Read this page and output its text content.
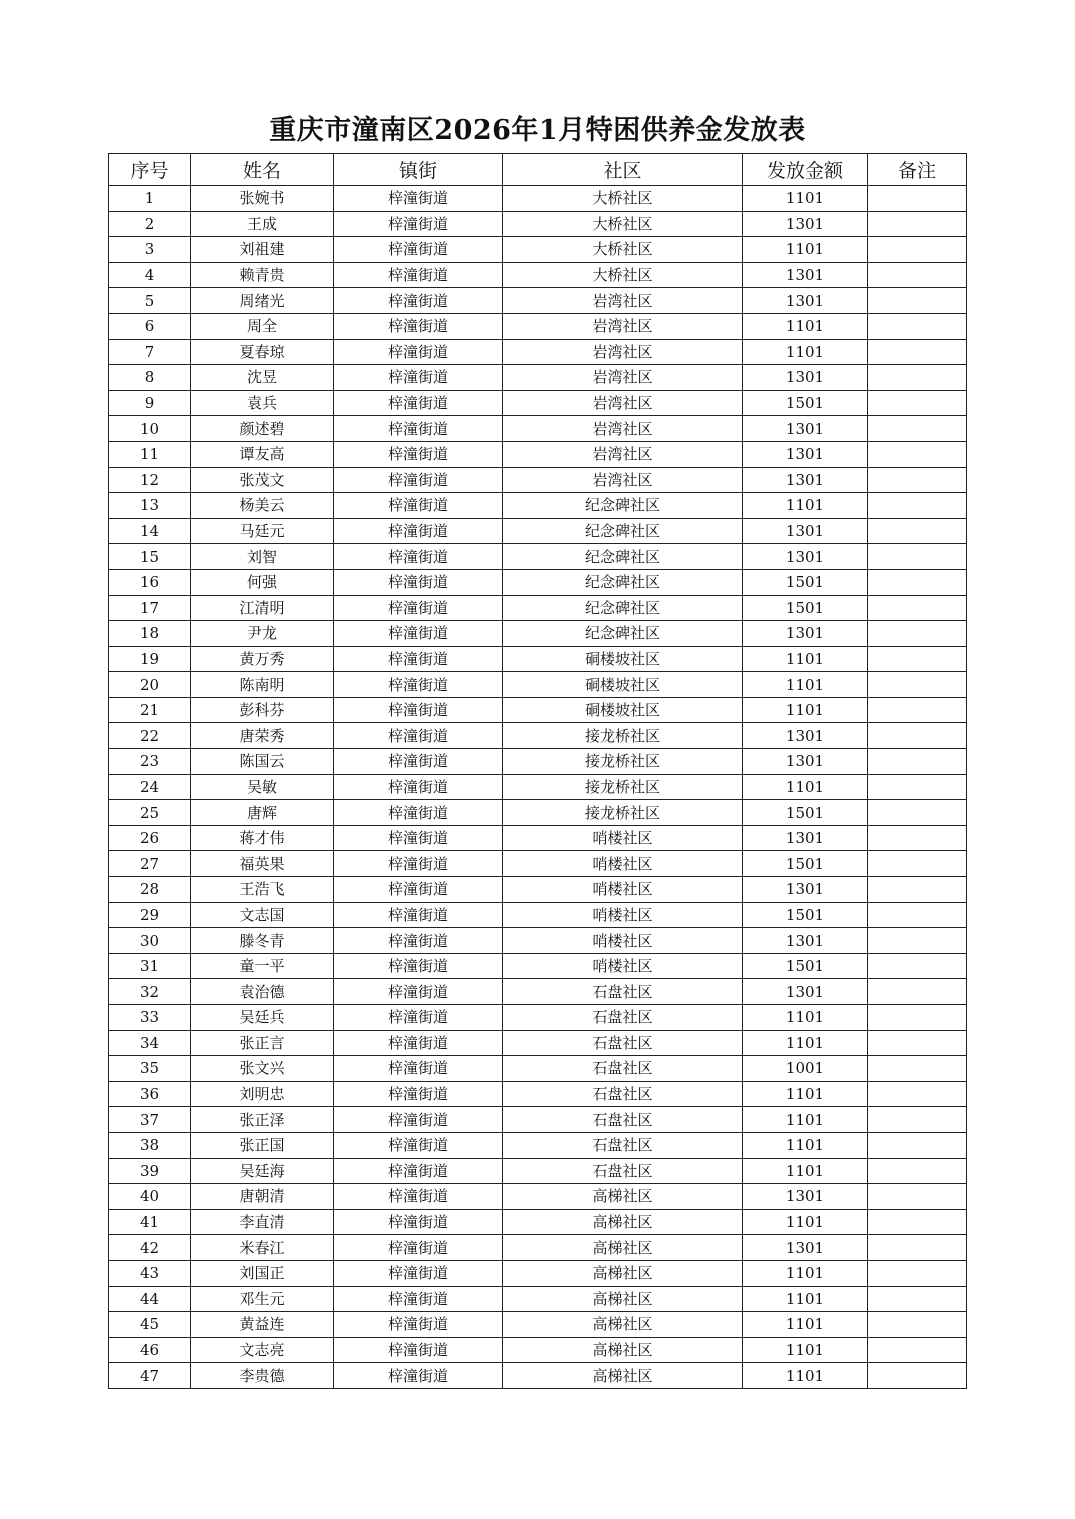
重庆市潼南区2026年1月特困供养金发放表
序号	姓名	镇街	社区	发放金额	备注
1	张婉书	梓潼街道	大桥社区	1101	
2	王成	梓潼街道	大桥社区	1301	
3	刘祖建	梓潼街道	大桥社区	1101	
4	赖青贵	梓潼街道	大桥社区	1301	
5	周绪光	梓潼街道	岩湾社区	1301	
6	周全	梓潼街道	岩湾社区	1101	
7	夏春琼	梓潼街道	岩湾社区	1101	
8	沈昱	梓潼街道	岩湾社区	1301	
9	袁兵	梓潼街道	岩湾社区	1501	
10	颜述碧	梓潼街道	岩湾社区	1301	
11	谭友高	梓潼街道	岩湾社区	1301	
12	张茂文	梓潼街道	岩湾社区	1301	
13	杨美云	梓潼街道	纪念碑社区	1101	
14	马廷元	梓潼街道	纪念碑社区	1301	
15	刘智	梓潼街道	纪念碑社区	1301	
16	何强	梓潼街道	纪念碑社区	1501	
17	江清明	梓潼街道	纪念碑社区	1501	
18	尹龙	梓潼街道	纪念碑社区	1301	
19	黄万秀	梓潼街道	硐楼坡社区	1101	
20	陈南明	梓潼街道	硐楼坡社区	1101	
21	彭科芬	梓潼街道	硐楼坡社区	1101	
22	唐荣秀	梓潼街道	接龙桥社区	1301	
23	陈国云	梓潼街道	接龙桥社区	1301	
24	吴敏	梓潼街道	接龙桥社区	1101	
25	唐辉	梓潼街道	接龙桥社区	1501	
26	蒋才伟	梓潼街道	哨楼社区	1301	
27	福英果	梓潼街道	哨楼社区	1501	
28	王浩飞	梓潼街道	哨楼社区	1301	
29	文志国	梓潼街道	哨楼社区	1501	
30	滕冬青	梓潼街道	哨楼社区	1301	
31	童一平	梓潼街道	哨楼社区	1501	
32	袁治德	梓潼街道	石盘社区	1301	
33	吴廷兵	梓潼街道	石盘社区	1101	
34	张正言	梓潼街道	石盘社区	1101	
35	张文兴	梓潼街道	石盘社区	1001	
36	刘明忠	梓潼街道	石盘社区	1101	
37	张正泽	梓潼街道	石盘社区	1101	
38	张正国	梓潼街道	石盘社区	1101	
39	吴廷海	梓潼街道	石盘社区	1101	
40	唐朝清	梓潼街道	高梯社区	1301	
41	李直清	梓潼街道	高梯社区	1101	
42	米春江	梓潼街道	高梯社区	1301	
43	刘国正	梓潼街道	高梯社区	1101	
44	邓生元	梓潼街道	高梯社区	1101	
45	黄益连	梓潼街道	高梯社区	1101	
46	文志亮	梓潼街道	高梯社区	1101	
47	李贵德	梓潼街道	高梯社区	1101	
